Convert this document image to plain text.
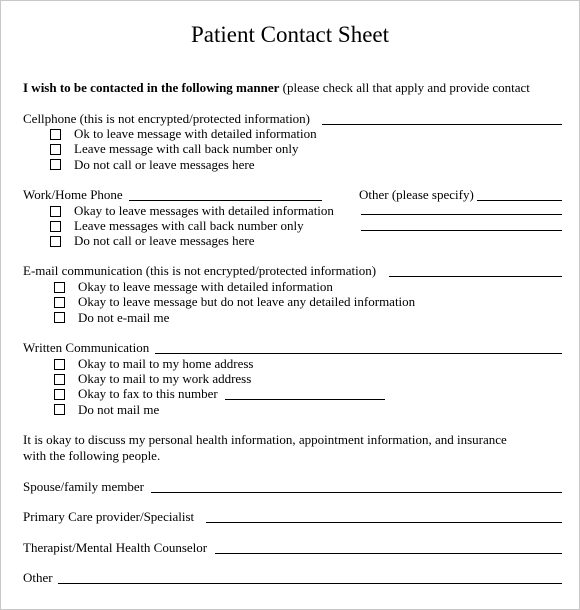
Patient Contact Sheet
I wish to be contacted in the following manner (please check all that apply and provide contact
Cellphone (this is not encrypted/protected information)
Ok to leave message with detailed information
Leave message with call back number only
Do not call or leave messages here
Work/Home Phone	Other (please specify)
Okay to leave messages with detailed information
Leave messages with call back number only
Do not call or leave messages here
E-mail communication (this is not encrypted/protected information)
Okay to leave message with detailed information
Okay to leave message but do not leave any detailed information
Do not e-mail me
Written Communication
Okay to mail to my home address
Okay to mail to my work address
Okay to fax to this number
Do not mail me
It is okay to discuss my personal health information, appointment information, and insurance
with the following people.
Spouse/family member
Primary Care provider/Specialist
Therapist/Mental Health Counselor
Other
